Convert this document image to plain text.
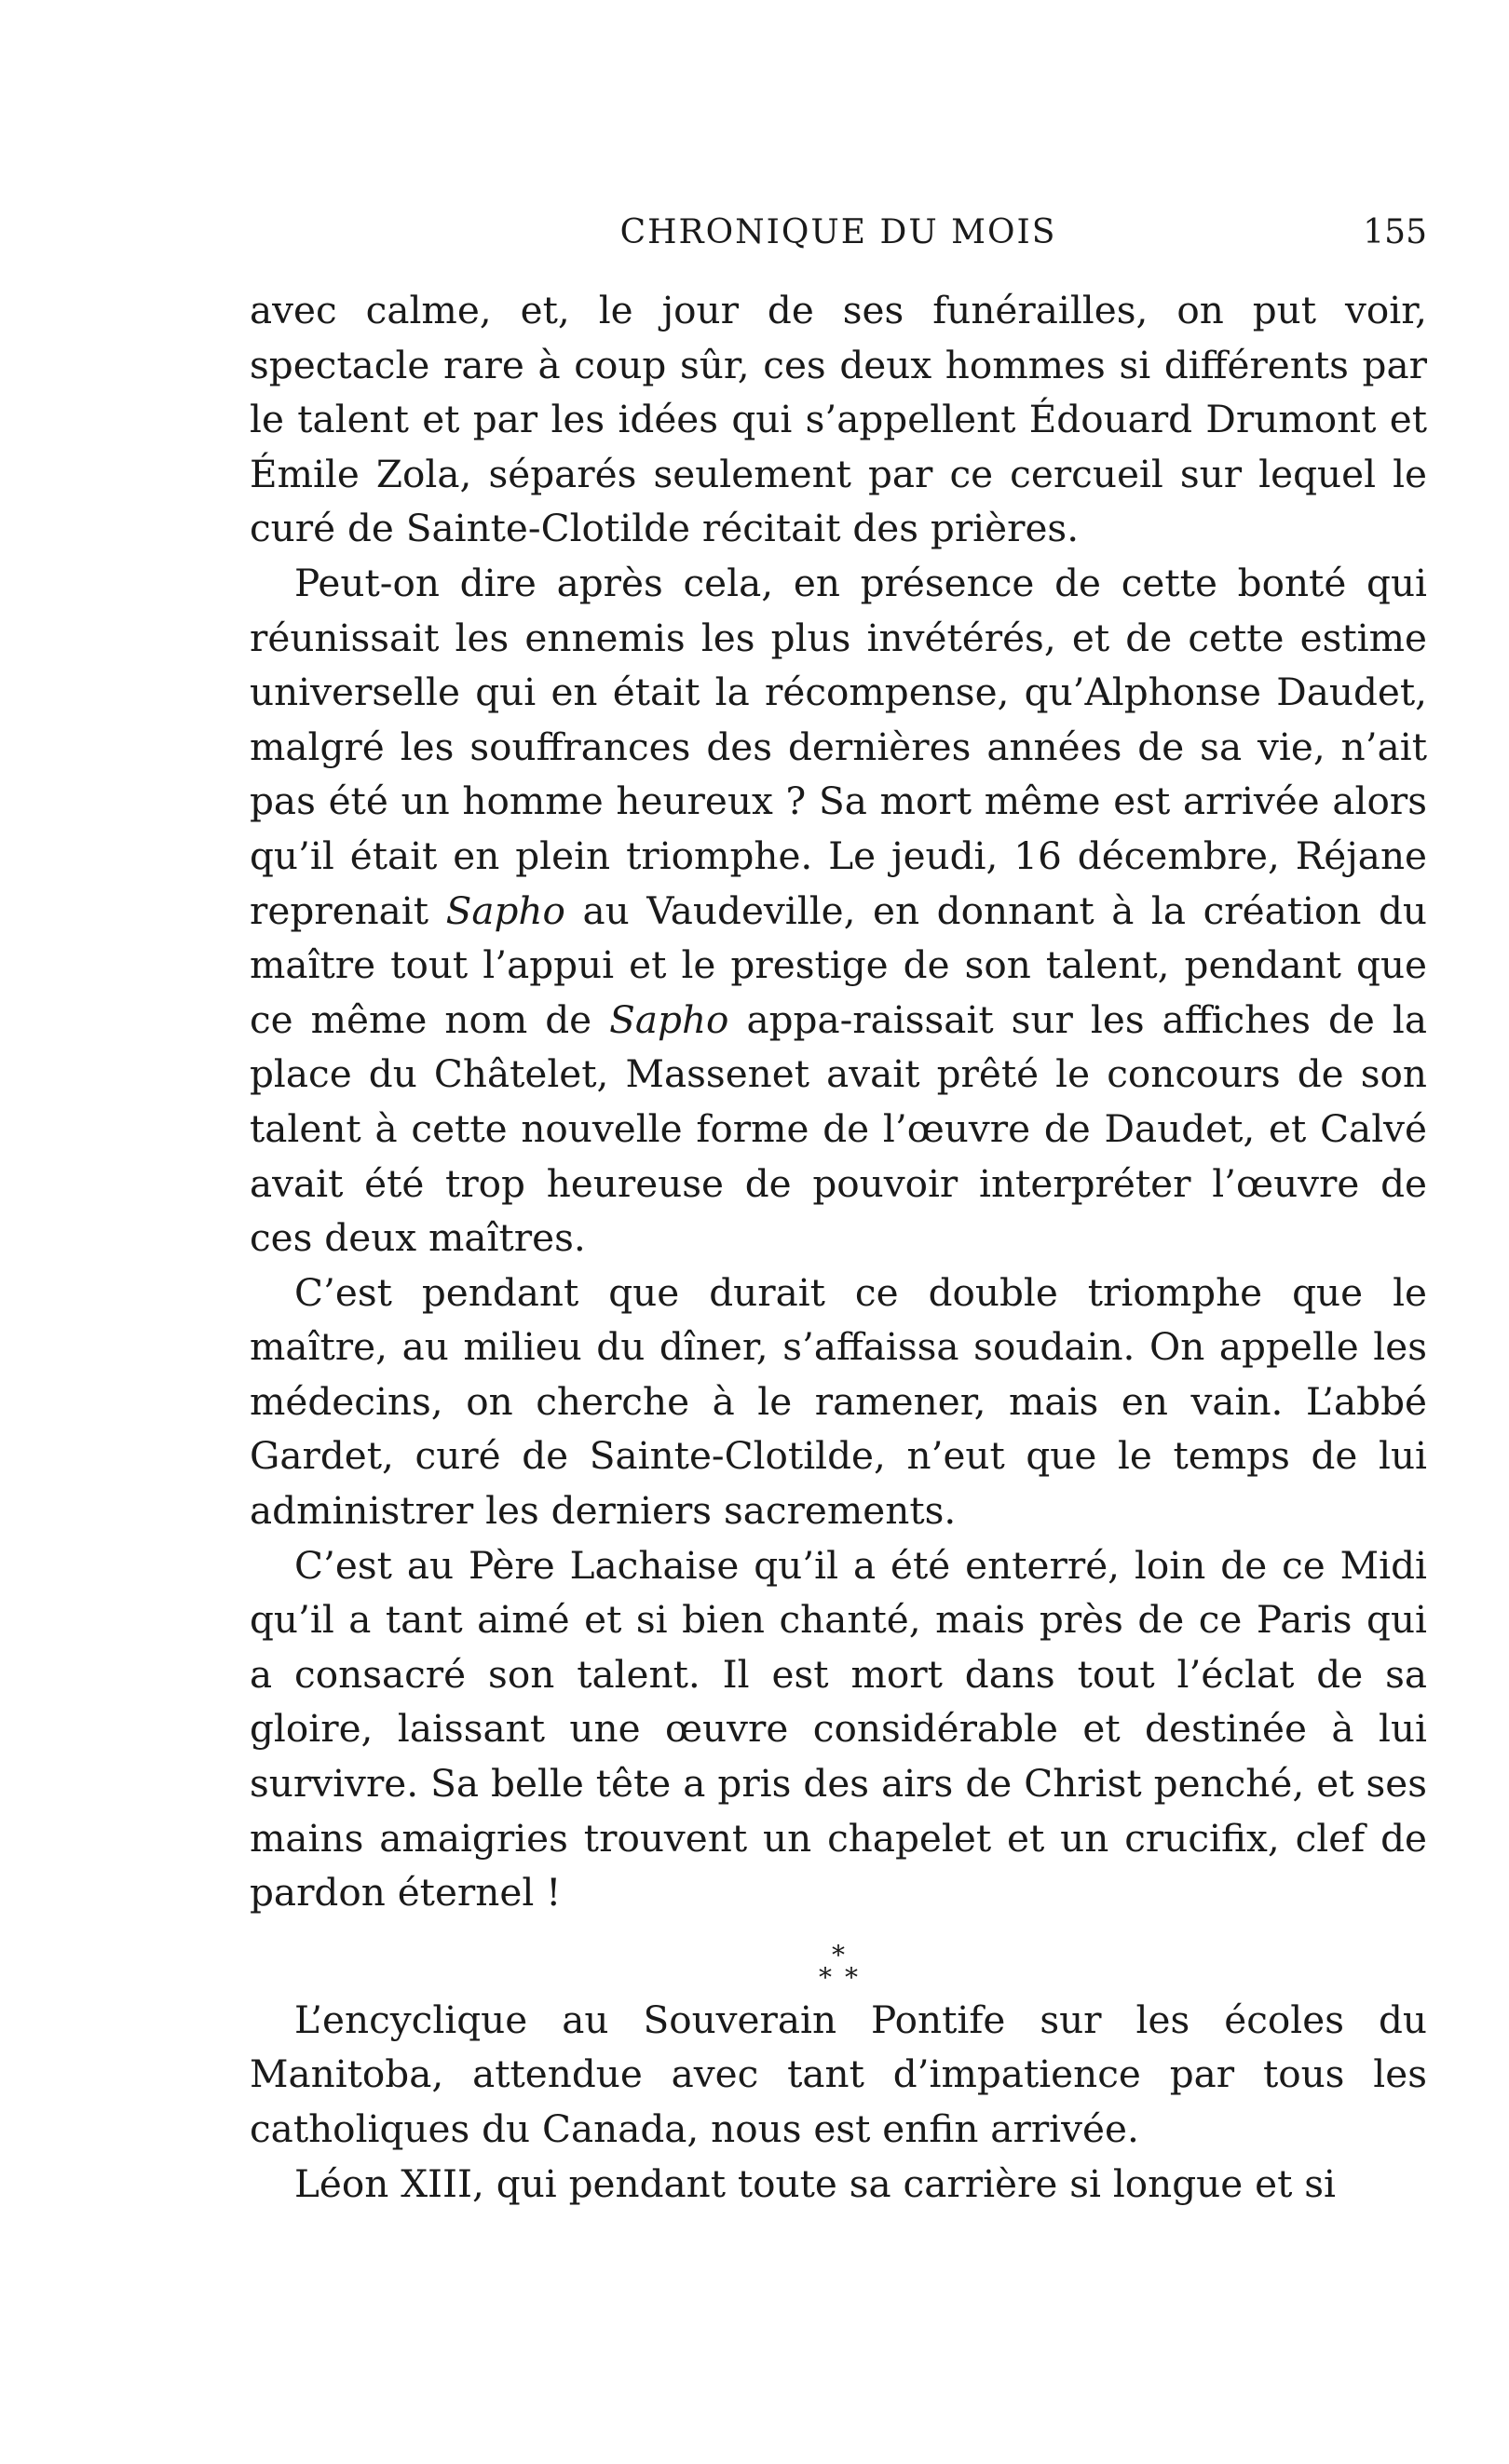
CHRONIQUE DU MOIS	155

avec calme, et, le jour de ses funérailles, on put voir, spectacle rare à coup sûr, ces deux hommes si différents par le talent et par les idées qui s’appellent Édouard Drumont et Émile Zola, séparés seulement par ce cercueil sur lequel le curé de Sainte-Clotilde récitait des prières.

Peut-on dire après cela, en présence de cette bonté qui réunissait les ennemis les plus invétérés, et de cette estime universelle qui en était la récompense, qu’Alphonse Daudet, malgré les souffrances des dernières années de sa vie, n’ait pas été un homme heureux ? Sa mort même est arrivée alors qu’il était en plein triomphe. Le jeudi, 16 décembre, Réjane reprenait Sapho au Vaudeville, en donnant à la création du maître tout l’appui et le prestige de son talent, pendant que ce même nom de Sapho appa-raissait sur les affiches de la place du Châtelet, Massenet avait prêté le concours de son talent à cette nouvelle forme de l’œuvre de Daudet, et Calvé avait été trop heureuse de pouvoir interpréter l’œuvre de ces deux maîtres.

C’est pendant que durait ce double triomphe que le maître, au milieu du dîner, s’affaissa soudain. On appelle les médecins, on cherche à le ramener, mais en vain. L’abbé Gardet, curé de Sainte-Clotilde, n’eut que le temps de lui administrer les derniers sacrements.

C’est au Père Lachaise qu’il a été enterré, loin de ce Midi qu’il a tant aimé et si bien chanté, mais près de ce Paris qui a consacré son talent. Il est mort dans tout l’éclat de sa gloire, laissant une œuvre considérable et destinée à lui survivre. Sa belle tête a pris des airs de Christ penché, et ses mains amaigries trouvent un chapelet et un crucifix, clef de pardon éternel !

*
**

L’encyclique au Souverain Pontife sur les écoles du Manitoba, attendue avec tant d’impatience par tous les catholiques du Canada, nous est enfin arrivée.

Léon XIII, qui pendant toute sa carrière si longue et si
